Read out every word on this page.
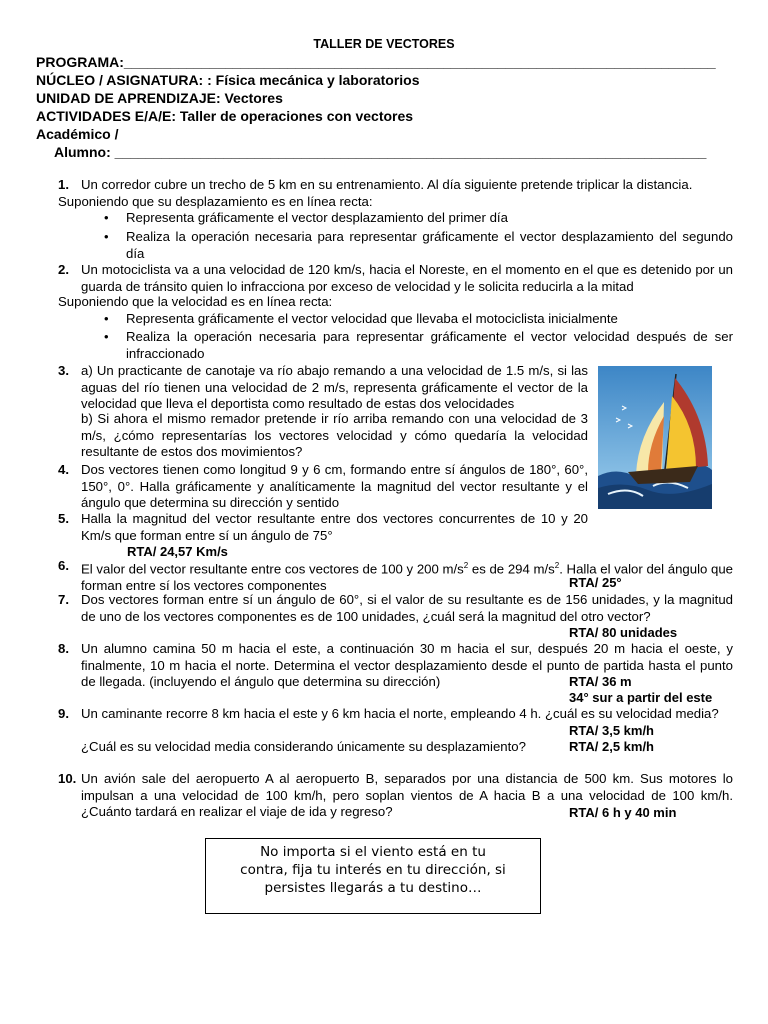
TALLER DE VECTORES
PROGRAMA:____________________________________________________________________________
NÚCLEO / ASIGNATURA: : Física mecánica y laboratorios
UNIDAD DE APRENDIZAJE: Vectores
ACTIVIDADES E/A/E: Taller de operaciones con vectores
Académico /
Alumno: ____________________________________________________________________________
1. Un corredor cubre un trecho de 5 km en su entrenamiento. Al día siguiente pretende triplicar la distancia.
Suponiendo que su desplazamiento es en línea recta:
• Representa gráficamente el vector desplazamiento del primer día
• Realiza la operación necesaria para representar gráficamente el vector desplazamiento del segundo día
2. Un motociclista va a una velocidad de 120 km/s, hacia el Noreste, en el momento en el que es detenido por un guarda de tránsito quien lo infracciona por exceso de velocidad y le solicita reducirla a la mitad
Suponiendo que la velocidad es en línea recta:
• Representa gráficamente el vector velocidad que llevaba el motociclista inicialmente
• Realiza la operación necesaria para representar gráficamente el vector velocidad después de ser infraccionado
3. a) Un practicante de canotaje va río abajo remando a una velocidad de 1.5 m/s, si las aguas del río tienen una velocidad de 2 m/s, representa gráficamente el vector de la velocidad que lleva el deportista como resultado de estas dos velocidades
b) Si ahora el mismo remador pretende ir río arriba remando con una velocidad de 3 m/s, ¿cómo representarías los vectores velocidad y cómo quedaría la velocidad resultante de estos dos movimientos?
4. Dos vectores tienen como longitud 9 y 6 cm, formando entre sí ángulos de 180°, 60°, 150°, 0°. Halla gráficamente y analíticamente la magnitud del vector resultante y el ángulo que determina su dirección y sentido
5. Halla la magnitud del vector resultante entre dos vectores concurrentes de 10 y 20 Km/s que forman entre sí un ángulo de 75°
RTA/ 24,57 Km/s
6. El valor del vector resultante entre cos vectores de 100 y 200 $m/s^2$ es de 294 $m/s^2$. Halla el valor del ángulo que forman entre sí los vectores componentes	RTA/ 25°
7. Dos vectores forman entre sí un ángulo de 60°, si el valor de su resultante es de 156 unidades, y la magnitud de uno de los vectores componentes es de 100 unidades, ¿cuál será la magnitud del otro vector?
RTA/ 80 unidades
8. Un alumno camina 50 m hacia el este, a continuación 30 m hacia el sur, después 20 m hacia el oeste, y finalmente, 10 m hacia el norte. Determina el vector desplazamiento desde el punto de partida hasta el punto de llegada. (incluyendo el ángulo que determina su dirección)	RTA/ 36 m
34° sur a partir del este
9. Un caminante recorre 8 km hacia el este y 6 km hacia el norte, empleando 4 h. ¿cuál es su velocidad media?
RTA/ 3,5 km/h
¿Cuál es su velocidad media considerando únicamente su desplazamiento?	RTA/ 2,5 km/h
10. Un avión sale del aeropuerto A al aeropuerto B, separados por una distancia de 500 km. Sus motores lo impulsan a una velocidad de 100 km/h, pero soplan vientos de A hacia B a una velocidad de 100 km/h. ¿Cuánto tardará en realizar el viaje de ida y regreso?	RTA/ 6 h y 40 min
No importa si el viento está en tu
contra, fija tu interés en tu dirección, si
persistes llegarás a tu destino…
